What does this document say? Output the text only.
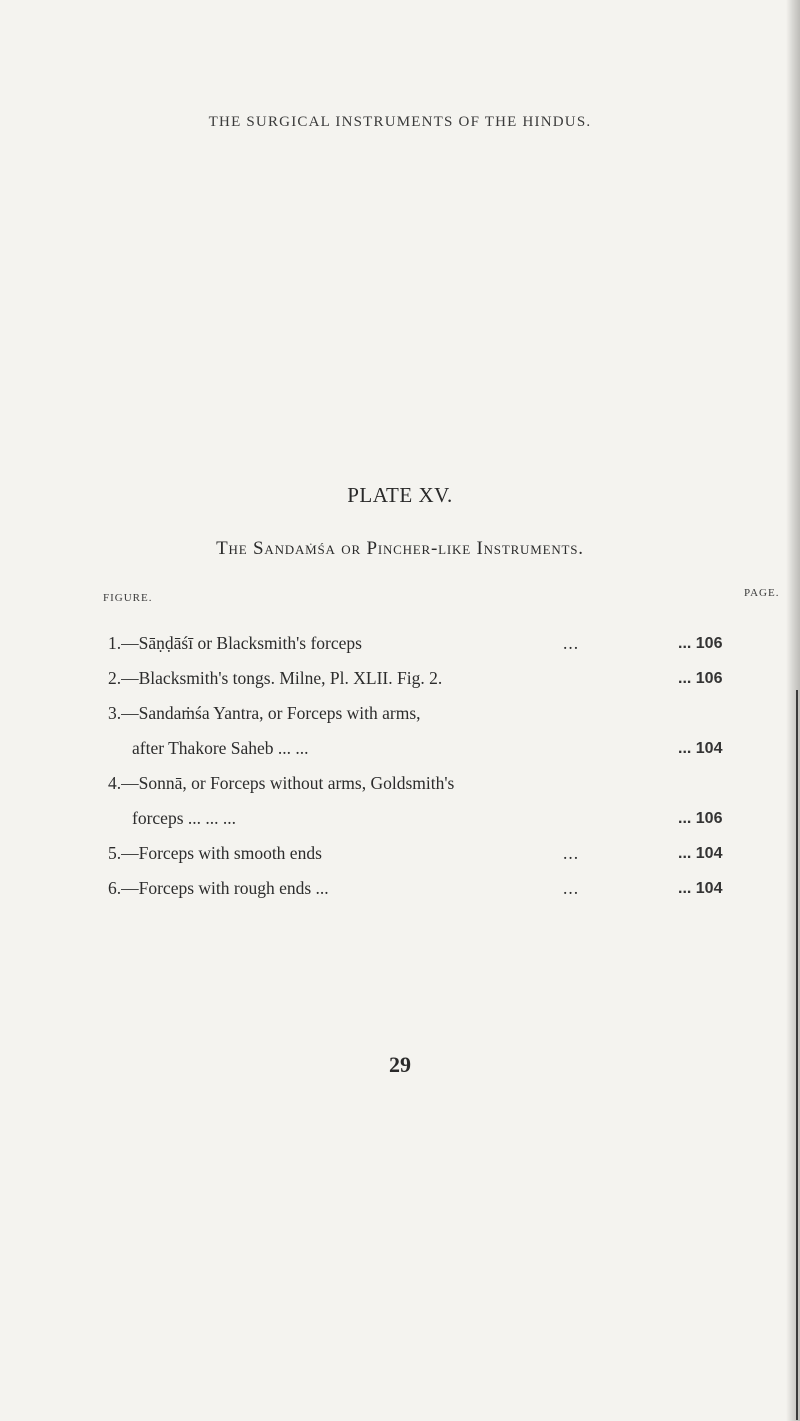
THE SURGICAL INSTRUMENTS OF THE HINDUS.
PLATE XV.
The Sandaṁśa or Pincher-like Instruments.
FIGURE.	PAGE.
1.—Sāṇḍāśī or Blacksmith's forceps	...	... 106
2.—Blacksmith's tongs. Milne, Pl. XLII. Fig. 2.	... 106
3.—Sandaṁśa Yantra, or Forceps with arms,
after Thakore Saheb ... ...	... 104
4.—Sonnā, or Forceps without arms, Goldsmith's
forceps ... ... ...	... 106
5.—Forceps with smooth ends	...	... 104
6.—Forceps with rough ends ...	...	... 104
29
